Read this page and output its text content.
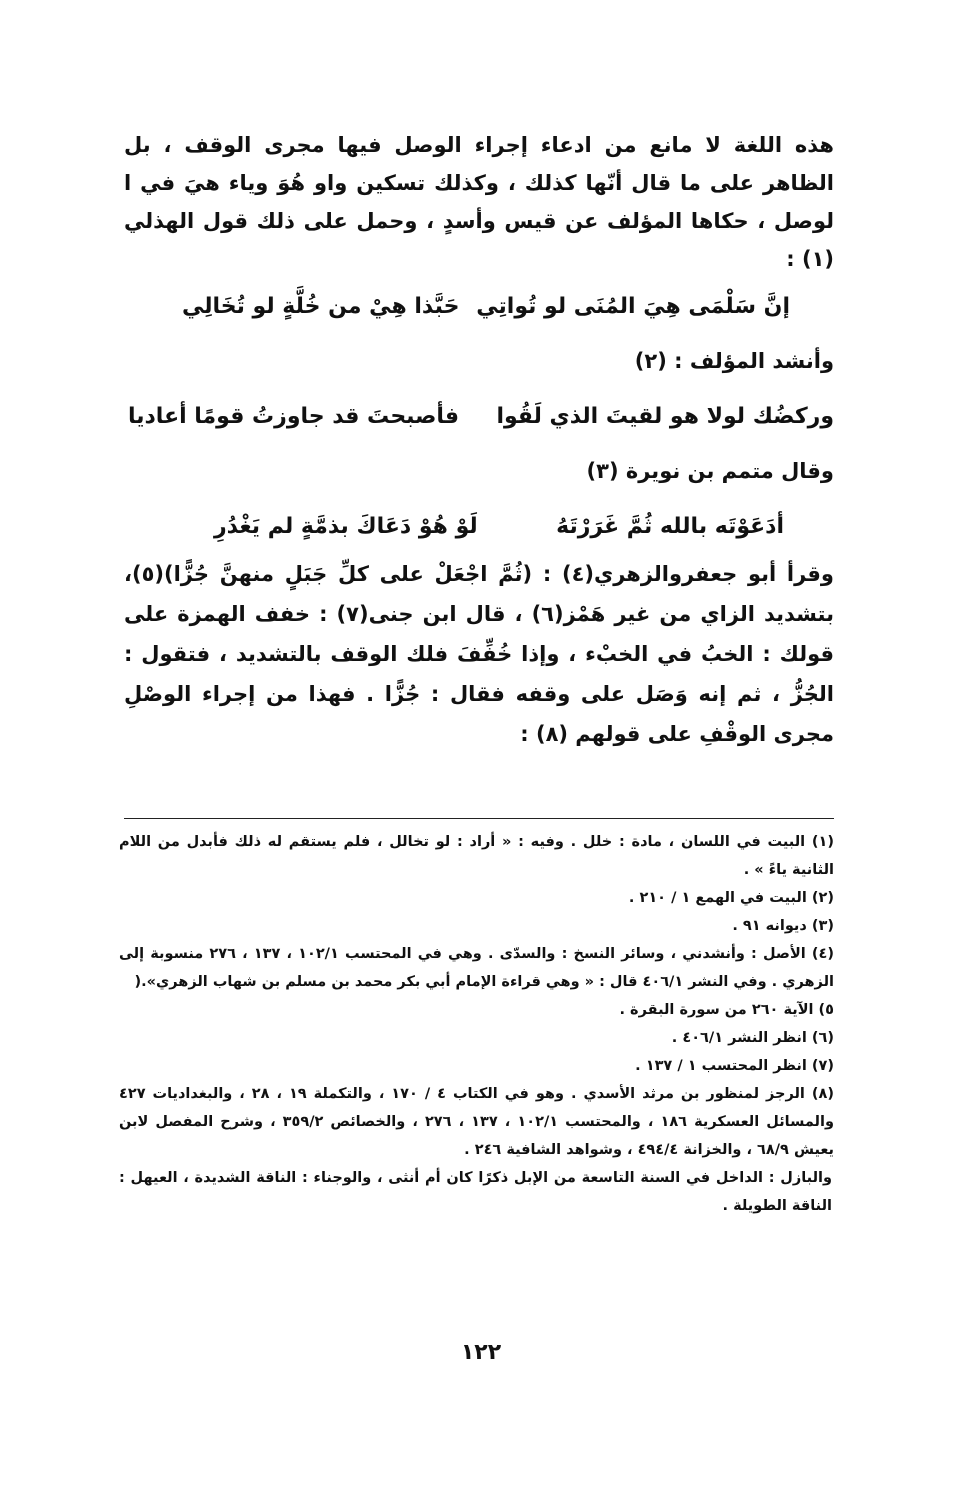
هذه اللغة لا مانع من ادعاء إجراء الوصل فيها مجرى الوقف ، بل الظاهر على ما قال أنّها كذلك ، وكذلك تسكين واو هُوَ وياء هيَ في ا لوصل ، حكاها المؤلف عن قيس وأسدٍ ، وحمل على ذلك قول الهذلي (١) :

إنَّ سَلْمَى هِيَ المُنَى لو تُواتِي
حَبَّذا هِيْ من خُلَّةٍ لو تُخَالِي
وأنشد المؤلف : (٢)
وركضُك لولا هو لقيتَ الذي لَقُوا
فأصبحتَ قد جاوزتُ قومًا أعاديا
وقال متمم بن نويرة (٣)
أدَعَوْتَه بالله ثُمَّ غَرَرْتَهُ
لَوْ هُوْ دَعَاكَ بذمَّةٍ لم يَغْدُرِ

وقرأ أبو جعفروالزهري(٤) : (ثُمَّ اجْعَلْ على كلِّ جَبَلٍ منهنَّ جُزًّا)(٥)، بتشديد الزاي من غير هَمْز(٦) ، قال ابن جنى(٧) : خفف الهمزة على قولك : الخبُ في الخبْء ، وإذا خُفِّفَ فلك الوقف بالتشديد ، فتقول : الجُزُّ ، ثم إنه وَصَل على وقفه فقال : جُزًّا . فهذا من إجراء الوصْلِ مجرى الوقْفِ على قولهم (٨) :

(١) البيت في اللسان ، مادة : خلل . وفيه : « أراد : لو تخالل ، فلم يستقم له ذلك فأبدل من اللام الثانية ياءً » .

(٢) البيت في الهمع ١ / ٢١٠ .

(٣) ديوانه ٩١ .

(٤) الأصل : وأنشدني ، وسائر النسخ : والسدّى . وهي في المحتسب ١٠٢/١ ، ١٣٧ ، ٢٧٦ منسوبة إلى الزهري . وفي النشر ٤٠٦/١ قال : « وهي قراءة الإمام أبي بكر محمد بن مسلم بن شهاب الزهري».(

٥) الآية ٢٦٠ من سورة البقرة .

(٦) انظر النشر ٤٠٦/١ .

(٧) انظر المحتسب ١ / ١٣٧ .

(٨) الرجز لمنظور بن مرثد الأسدي . وهو في الكتاب ٤ / ١٧٠ ، والتكملة ١٩ ، ٢٨ ، والبغداديات ٤٢٧ والمسائل العسكرية ١٨٦ ، والمحتسب ١٠٢/١ ، ١٣٧ ، ٢٧٦ ، والخصائص ٣٥٩/٢ ، وشرح المفصل لابن يعيش ٦٨/٩ ، والخزانة ٤٩٤/٤ ، وشواهد الشافية ٢٤٦ .

والبازل : الداخل في السنة التاسعة من الإبل ذكرًا كان أم أنثى ، والوجناء : الناقة الشديدة ، العيهل : الناقة الطويلة .

١٢٢
